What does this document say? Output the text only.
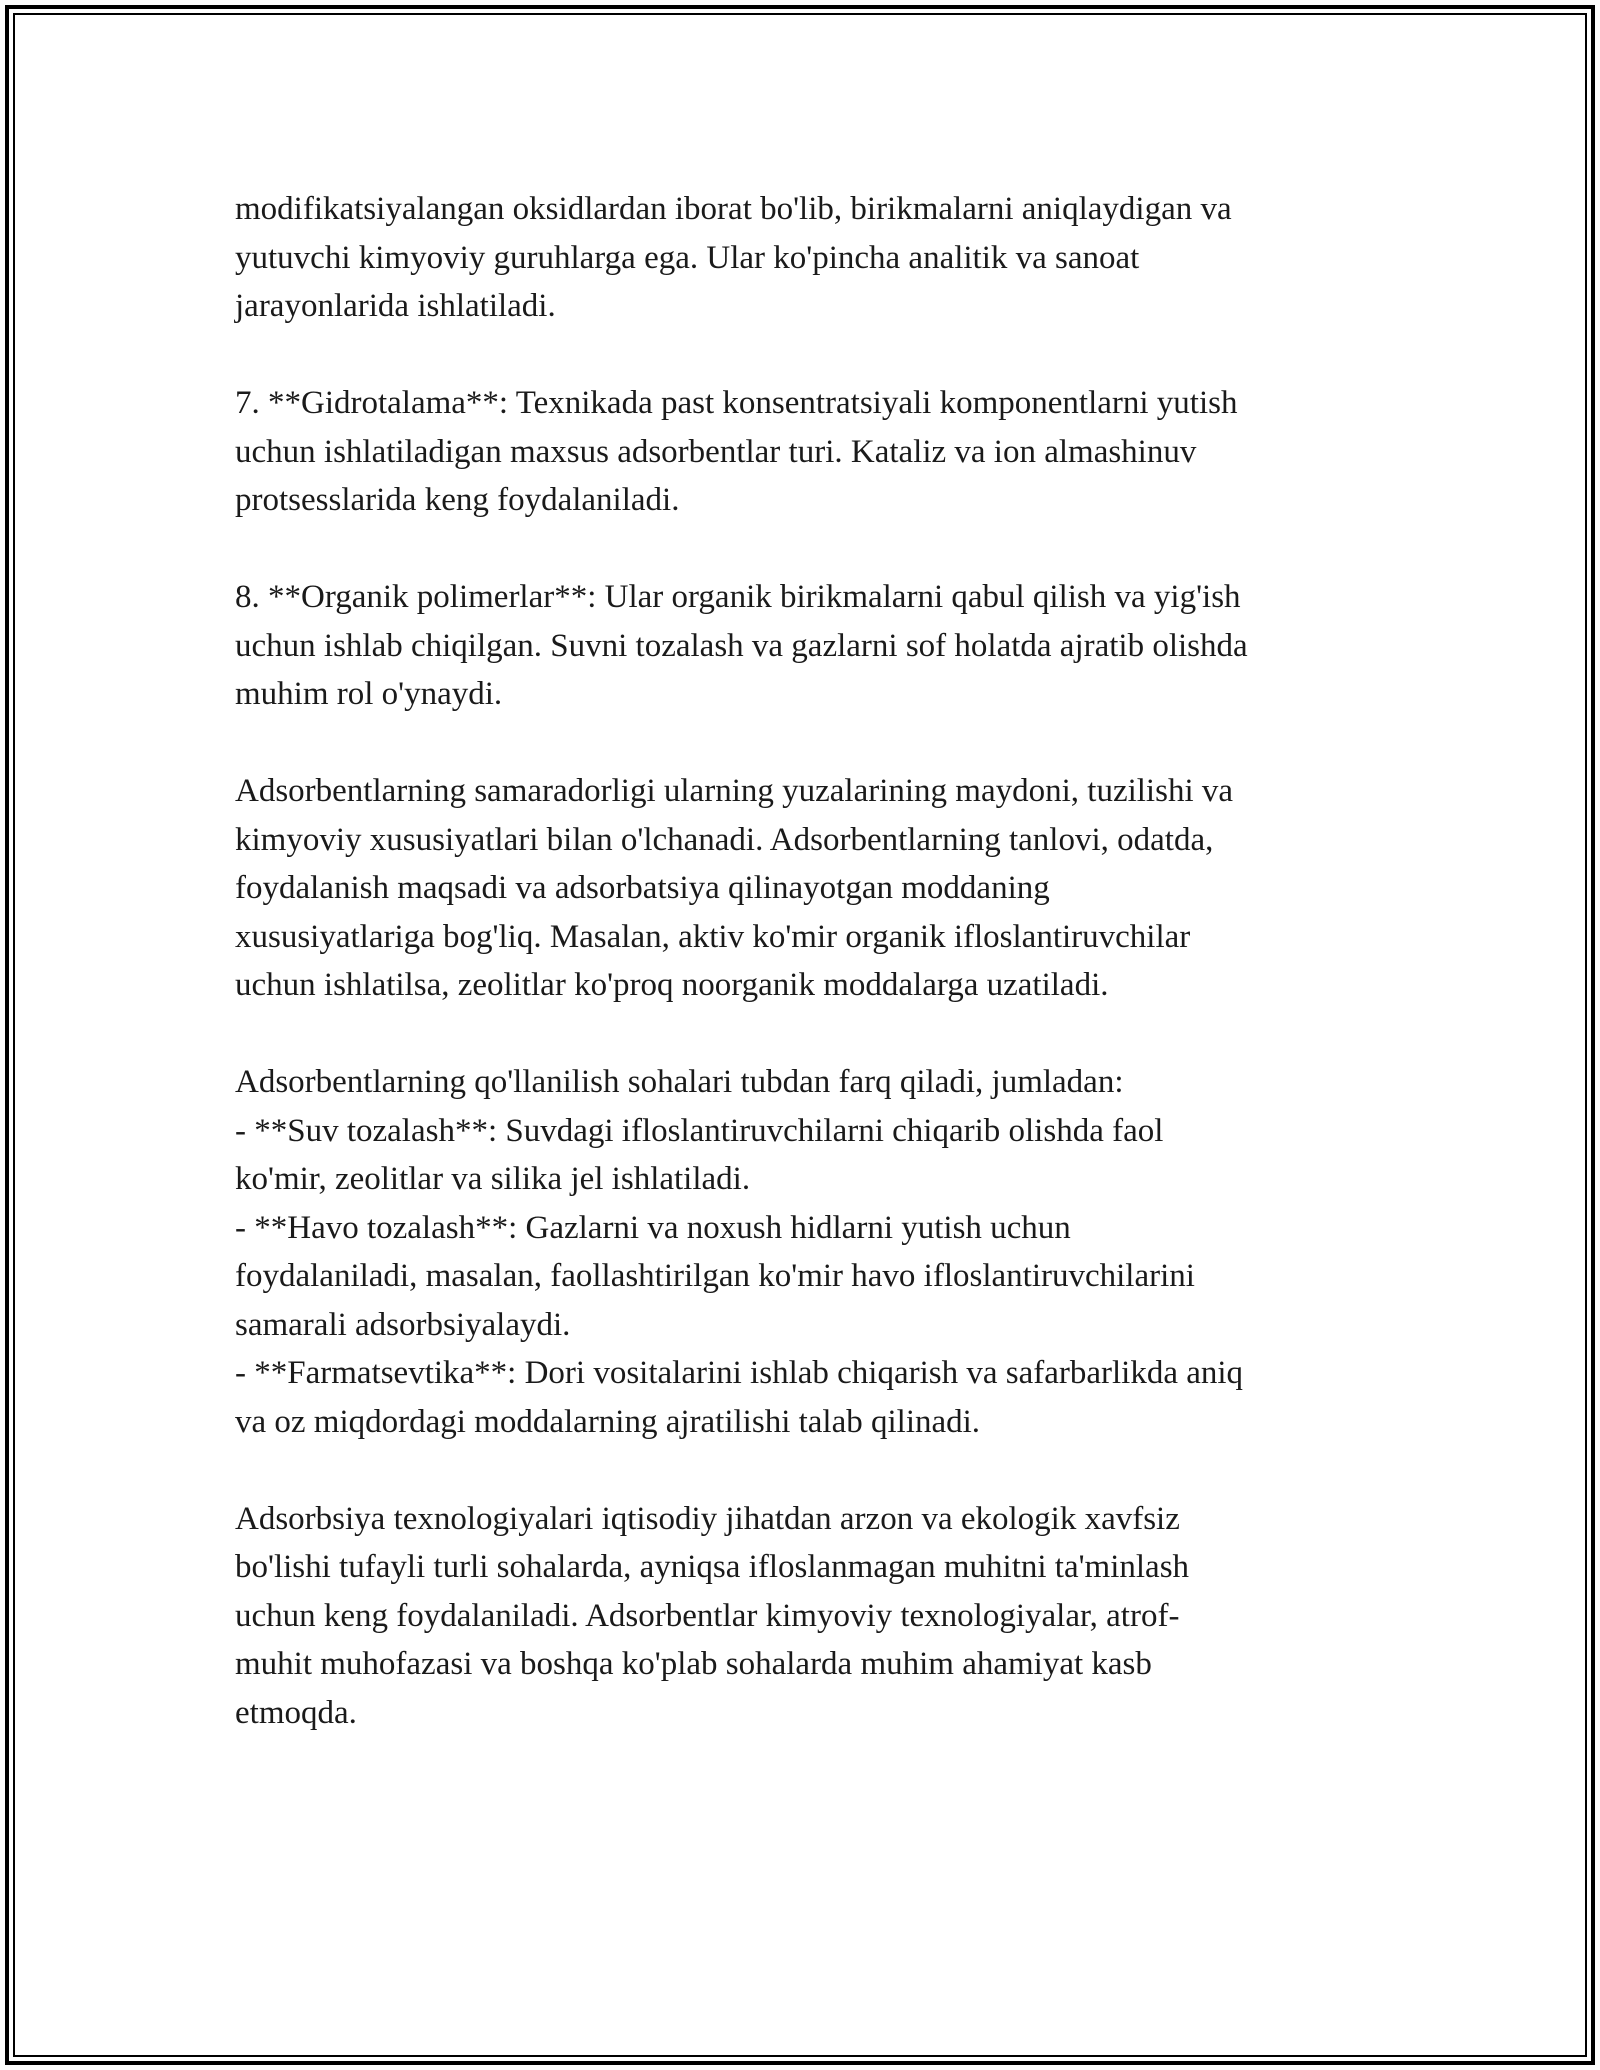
modifikatsiyalangan oksidlardan iborat bo'lib, birikmalarni aniqlaydigan va
yutuvchi kimyoviy guruhlarga ega. Ular ko'pincha analitik va sanoat
jarayonlarida ishlatiladi.

7. **Gidrotalama**: Texnikada past konsentratsiyali komponentlarni yutish
uchun ishlatiladigan maxsus adsorbentlar turi. Kataliz va ion almashinuv
protsesslarida keng foydalaniladi.

8. **Organik polimerlar**: Ular organik birikmalarni qabul qilish va yig'ish
uchun ishlab chiqilgan. Suvni tozalash va gazlarni sof holatda ajratib olishda
muhim rol o'ynaydi.

Adsorbentlarning samaradorligi ularning yuzalarining maydoni, tuzilishi va
kimyoviy xususiyatlari bilan o'lchanadi. Adsorbentlarning tanlovi, odatda,
foydalanish maqsadi va adsorbatsiya qilinayotgan moddaning
xususiyatlariga bog'liq. Masalan, aktiv ko'mir organik ifloslantiruvchilar
uchun ishlatilsa, zeolitlar ko'proq noorganik moddalarga uzatiladi.

Adsorbentlarning qo'llanilish sohalari tubdan farq qiladi, jumladan:
- **Suv tozalash**: Suvdagi ifloslantiruvchilarni chiqarib olishda faol
ko'mir, zeolitlar va silika jel ishlatiladi.
- **Havo tozalash**: Gazlarni va noxush hidlarni yutish uchun
foydalaniladi, masalan, faollashtirilgan ko'mir havo ifloslantiruvchilarini
samarali adsorbsiyalaydi.
- **Farmatsevtika**: Dori vositalarini ishlab chiqarish va safarbarlikda aniq
va oz miqdordagi moddalarning ajratilishi talab qilinadi.

Adsorbsiya texnologiyalari iqtisodiy jihatdan arzon va ekologik xavfsiz
bo'lishi tufayli turli sohalarda, ayniqsa ifloslanmagan muhitni ta'minlash
uchun keng foydalaniladi. Adsorbentlar kimyoviy texnologiyalar, atrof-
muhit muhofazasi va boshqa ko'plab sohalarda muhim ahamiyat kasb
etmoqda.
